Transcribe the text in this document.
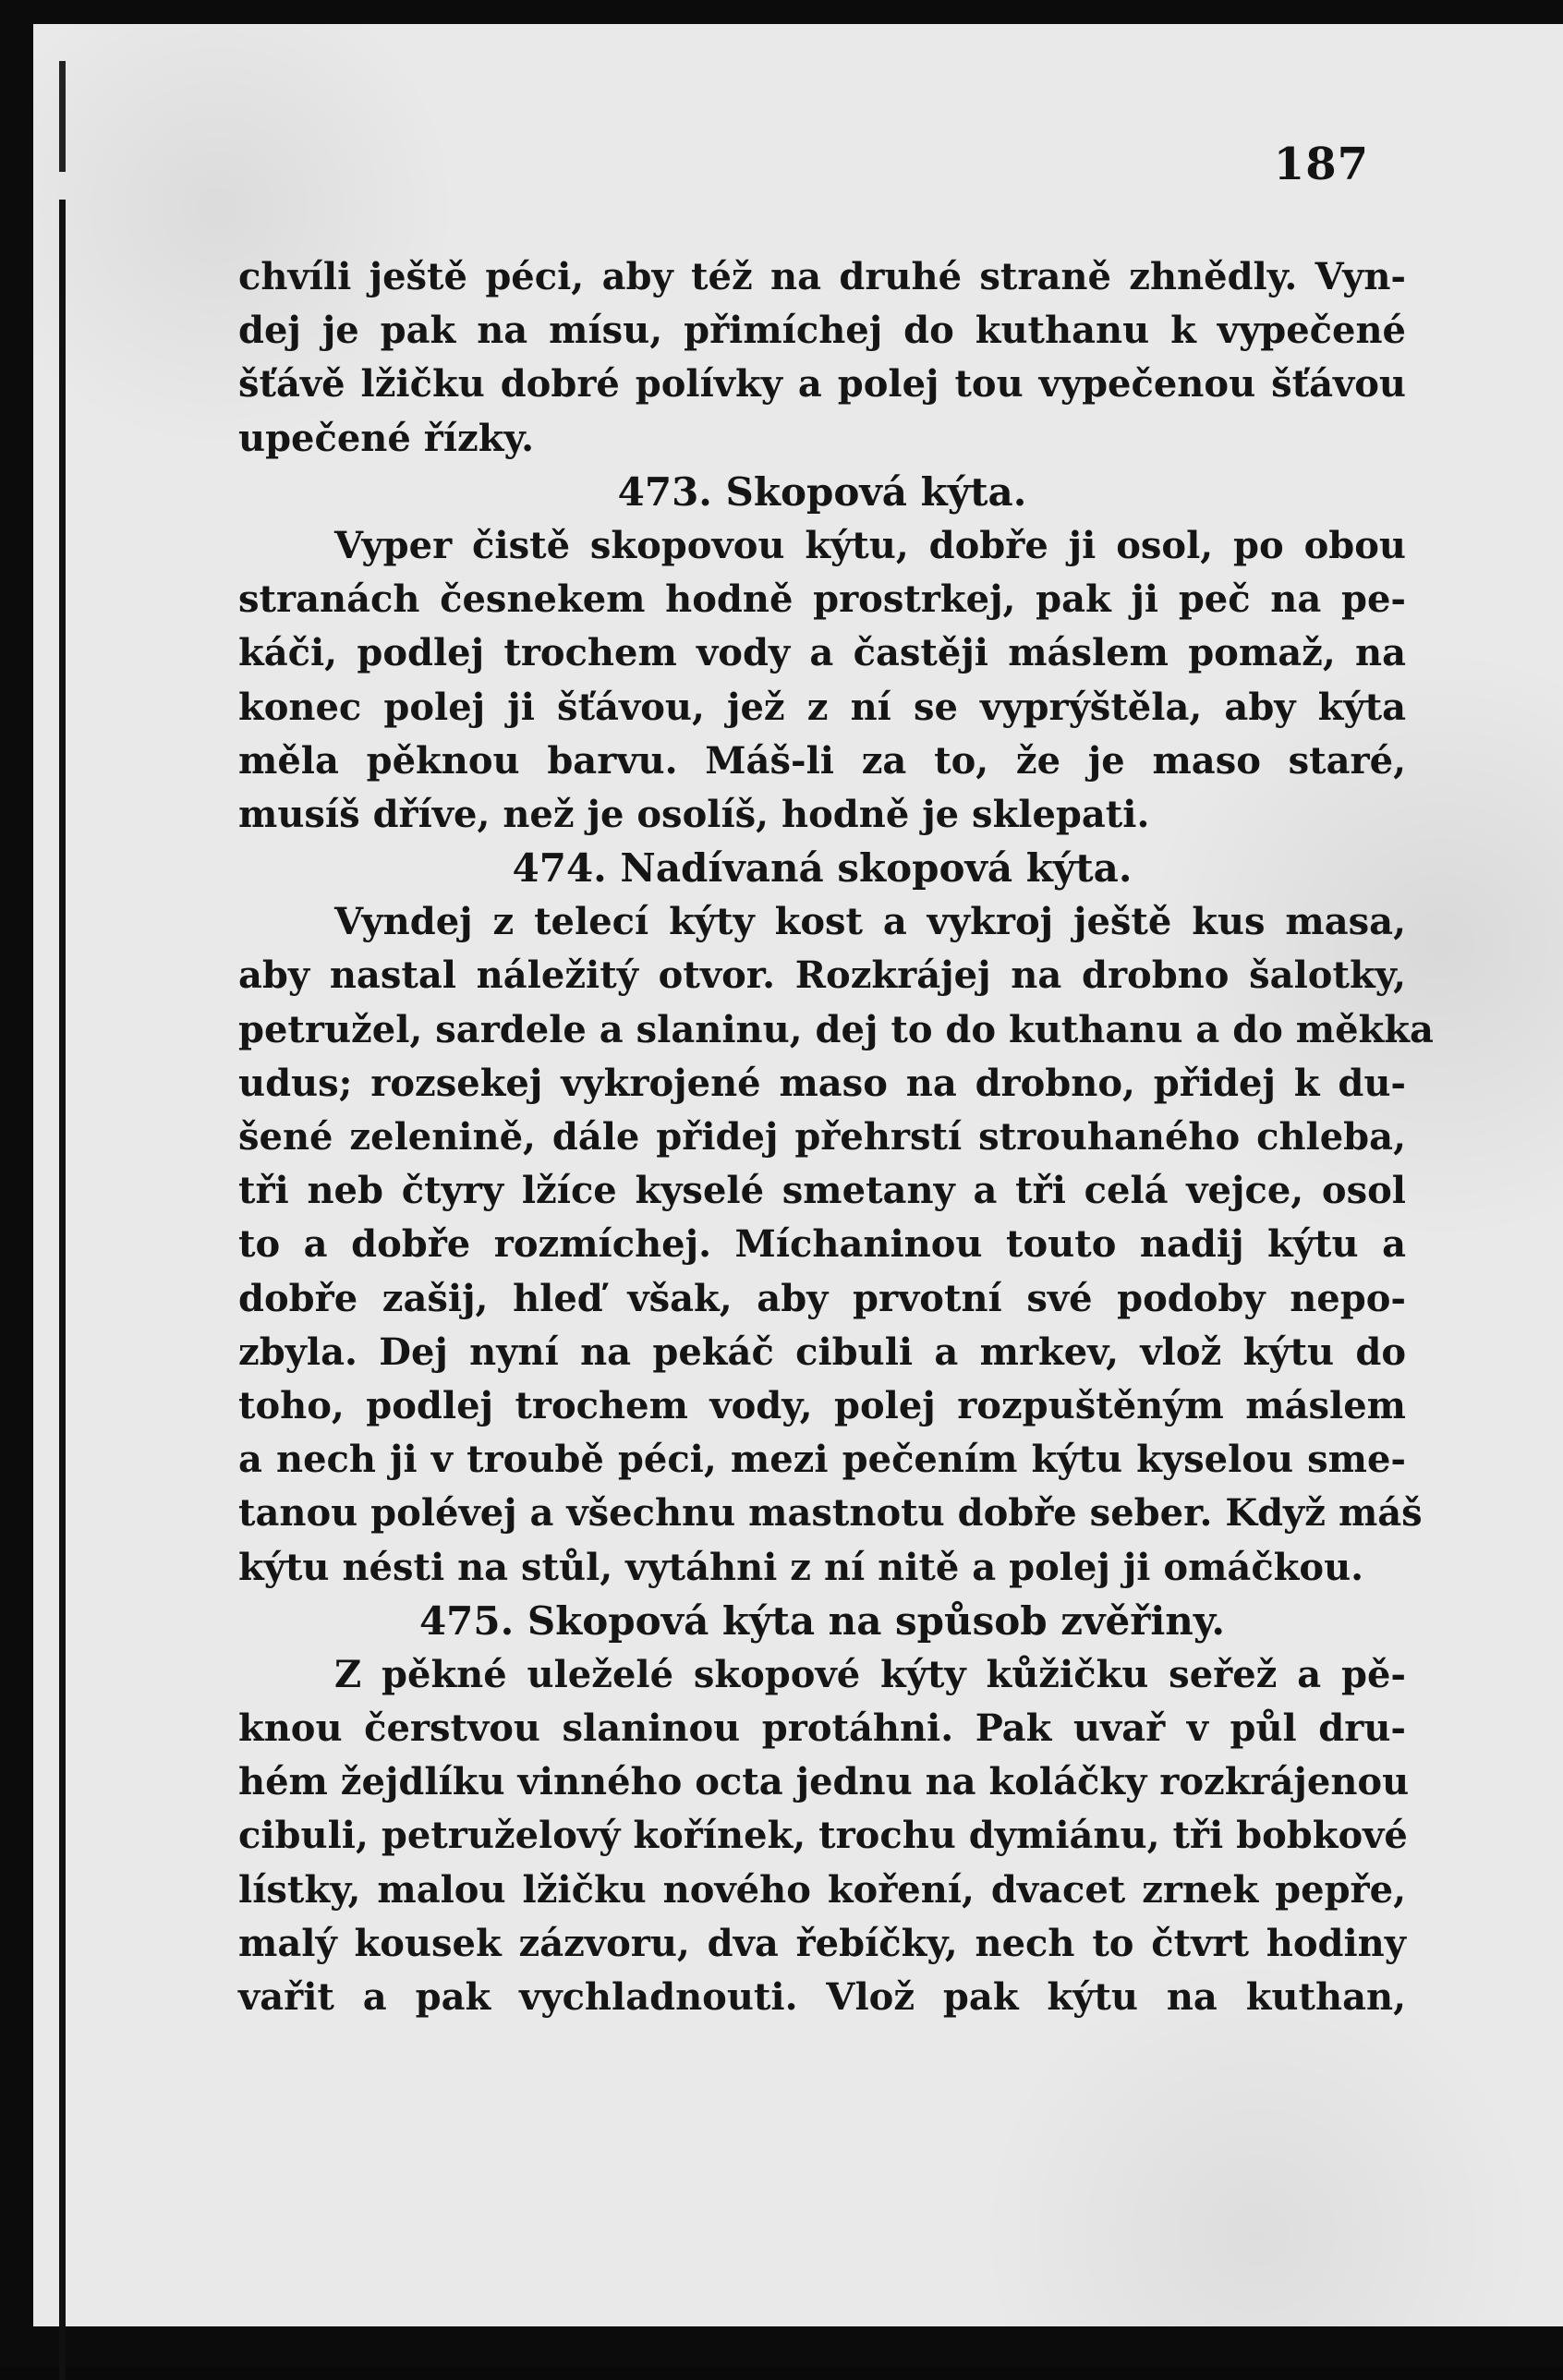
187
chvíli ještě péci, aby též na druhé straně zhnědly. Vyn-
dej je pak na mísu, přimíchej do kuthanu k vypečené
šťávě lžičku dobré polívky a polej tou vypečenou šťávou
upečené řízky.
473. Skopová kýta.
Vyper čistě skopovou kýtu, dobře ji osol, po obou
stranách česnekem hodně prostrkej, pak ji peč na pe-
káči, podlej trochem vody a častěji máslem pomaž, na
konec polej ji šťávou, jež z ní se vyprýštěla, aby kýta
měla pěknou barvu. Máš-li za to, že je maso staré,
musíš dříve, než je osolíš, hodně je sklepati.
474. Nadívaná skopová kýta.
Vyndej z telecí kýty kost a vykroj ještě kus masa,
aby nastal náležitý otvor. Rozkrájej na drobno šalotky,
petružel, sardele a slaninu, dej to do kuthanu a do měkka
udus; rozsekej vykrojené maso na drobno, přidej k du-
šené zelenině, dále přidej přehrstí strouhaného chleba,
tři neb čtyry lžíce kyselé smetany a tři celá vejce, osol
to a dobře rozmíchej. Míchaninou touto nadij kýtu a
dobře zašij, hleď však, aby prvotní své podoby nepo-
zbyla. Dej nyní na pekáč cibuli a mrkev, vlož kýtu do
toho, podlej trochem vody, polej rozpuštěným máslem
a nech ji v troubě péci, mezi pečením kýtu kyselou sme-
tanou polévej a všechnu mastnotu dobře seber. Když máš
kýtu nésti na stůl, vytáhni z ní nitě a polej ji omáčkou.
475. Skopová kýta na spůsob zvěřiny.
Z pěkné uleželé skopové kýty kůžičku seřež a pě-
knou čerstvou slaninou protáhni. Pak uvař v půl dru-
hém žejdlíku vinného octa jednu na koláčky rozkrájenou
cibuli, petruželový kořínek, trochu dymiánu, tři bobkové
lístky, malou lžičku nového koření, dvacet zrnek pepře,
malý kousek zázvoru, dva řebíčky, nech to čtvrt hodiny
vařit a pak vychladnouti. Vlož pak kýtu na kuthan,
